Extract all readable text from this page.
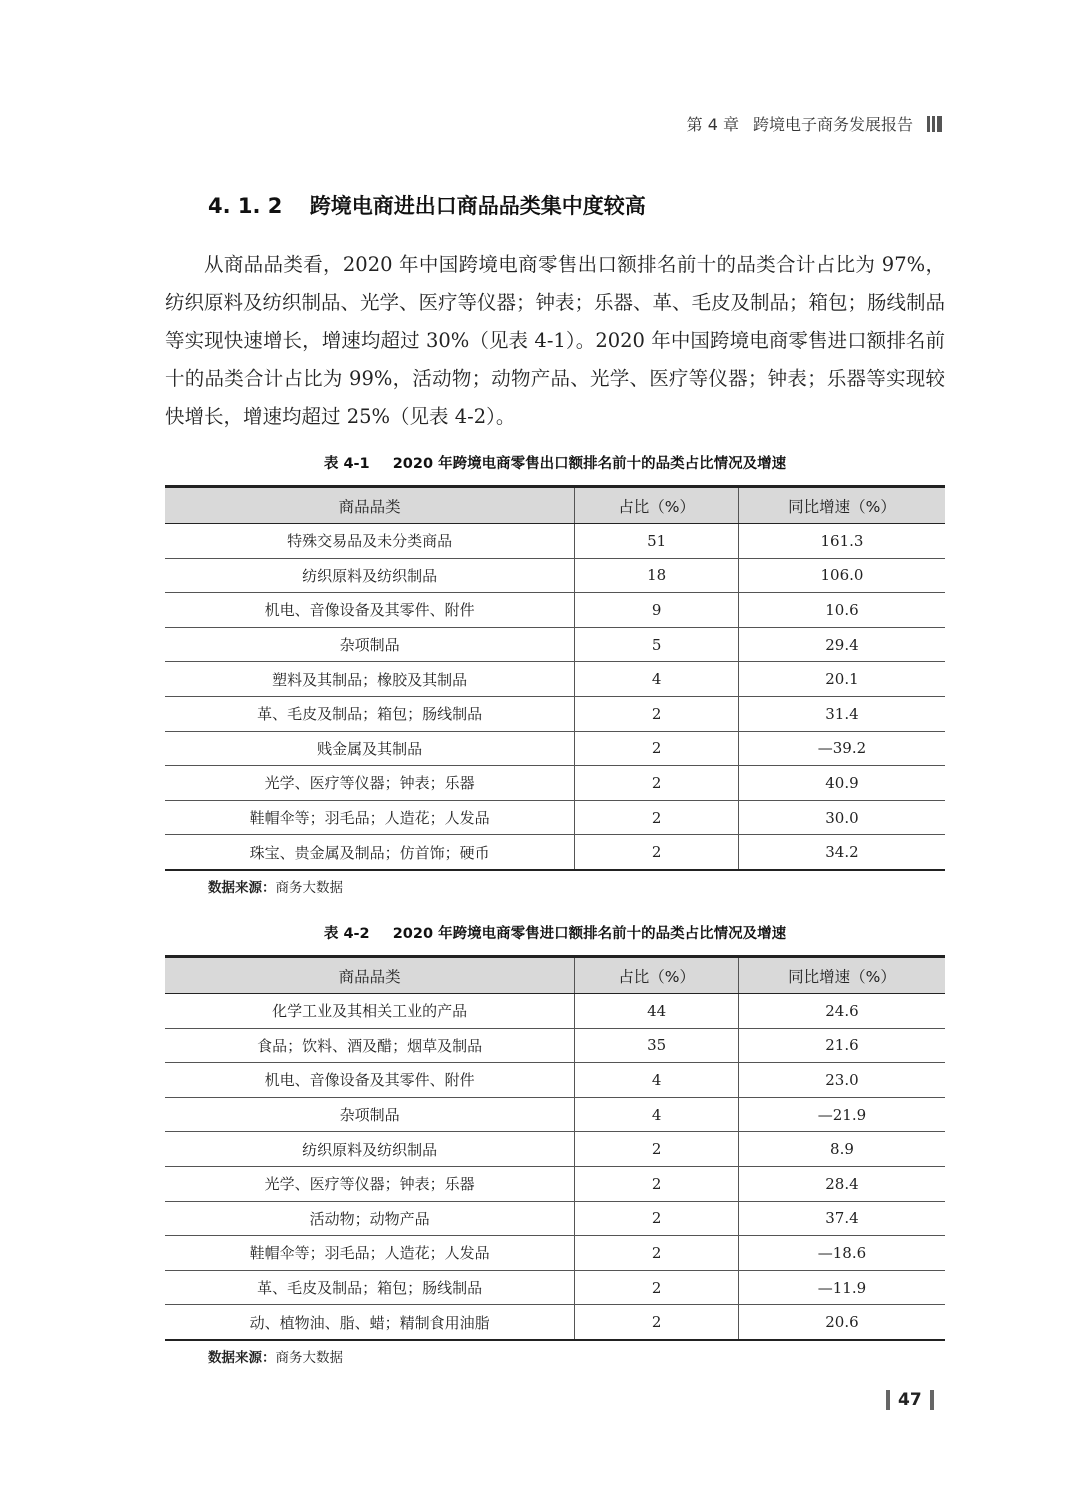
第 4 章 跨境电子商务发展报告
4. 1. 2 跨境电商进出口商品品类集中度较高

从商品品类看，2020 年中国跨境电商零售出口额排名前十的品类合计占比为 97%，纺织原料及纺织制品、光学、医疗等仪器；钟表；乐器、革、毛皮及制品；箱包；肠线制品等实现快速增长，增速均超过 30%（见表 4-1）。2020 年中国跨境电商零售进口额排名前十的品类合计占比为 99%，活动物；动物产品、光学、医疗等仪器；钟表；乐器等实现较快增长，增速均超过 25%（见表 4-2）。

表 4-1 2020 年跨境电商零售出口额排名前十的品类占比情况及增速
商品品类	占比（%）	同比增速（%）
特殊交易品及未分类商品	51	161.3
纺织原料及纺织制品	18	106.0
机电、音像设备及其零件、附件	9	10.6
杂项制品	5	29.4
塑料及其制品；橡胶及其制品	4	20.1
革、毛皮及制品；箱包；肠线制品	2	31.4
贱金属及其制品	2	—39.2
光学、医疗等仪器；钟表；乐器	2	40.9
鞋帽伞等；羽毛品；人造花；人发品	2	30.0
珠宝、贵金属及制品；仿首饰；硬币	2	34.2
数据来源：商务大数据
表 4-2 2020 年跨境电商零售进口额排名前十的品类占比情况及增速
商品品类	占比（%）	同比增速（%）
化学工业及其相关工业的产品	44	24.6
食品；饮料、酒及醋；烟草及制品	35	21.6
机电、音像设备及其零件、附件	4	23.0
杂项制品	4	—21.9
纺织原料及纺织制品	2	8.9
光学、医疗等仪器；钟表；乐器	2	28.4
活动物；动物产品	2	37.4
鞋帽伞等；羽毛品；人造花；人发品	2	—18.6
革、毛皮及制品；箱包；肠线制品	2	—11.9
动、植物油、脂、蜡；精制食用油脂	2	20.6
数据来源：商务大数据
47
